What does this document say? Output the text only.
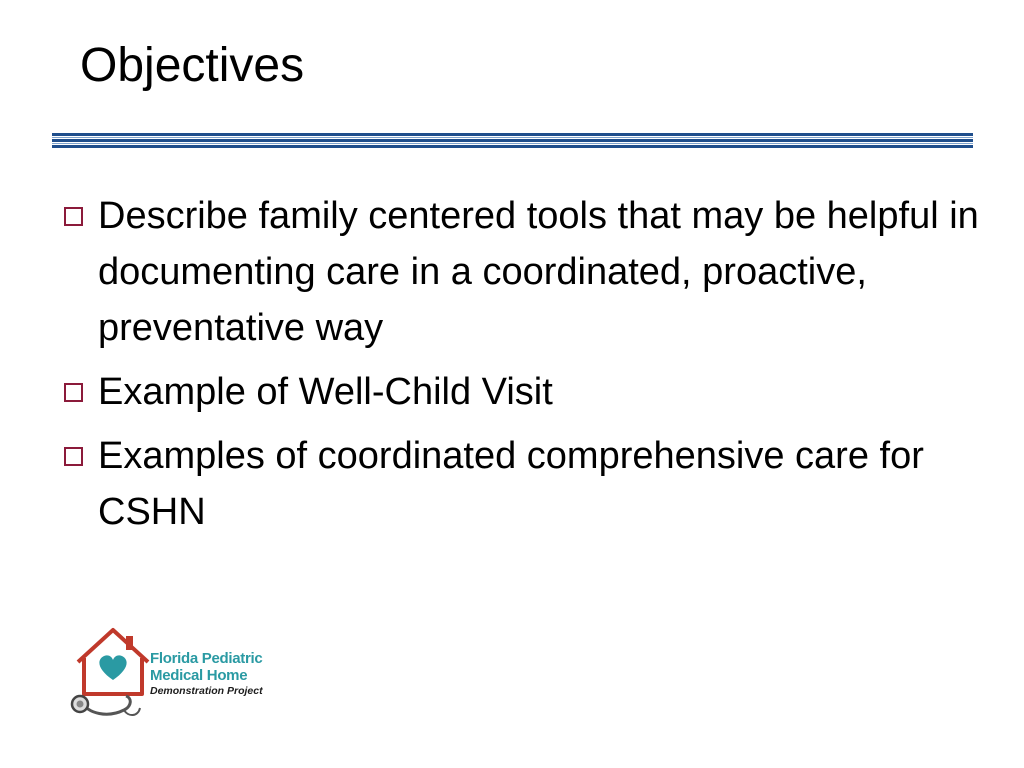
Objectives
Describe family centered tools that may be helpful in documenting care in a coordinated, proactive, preventative way
Example of Well-Child Visit
Examples of coordinated comprehensive care for CSHN
Florida Pediatric
Medical Home
Demonstration Project
